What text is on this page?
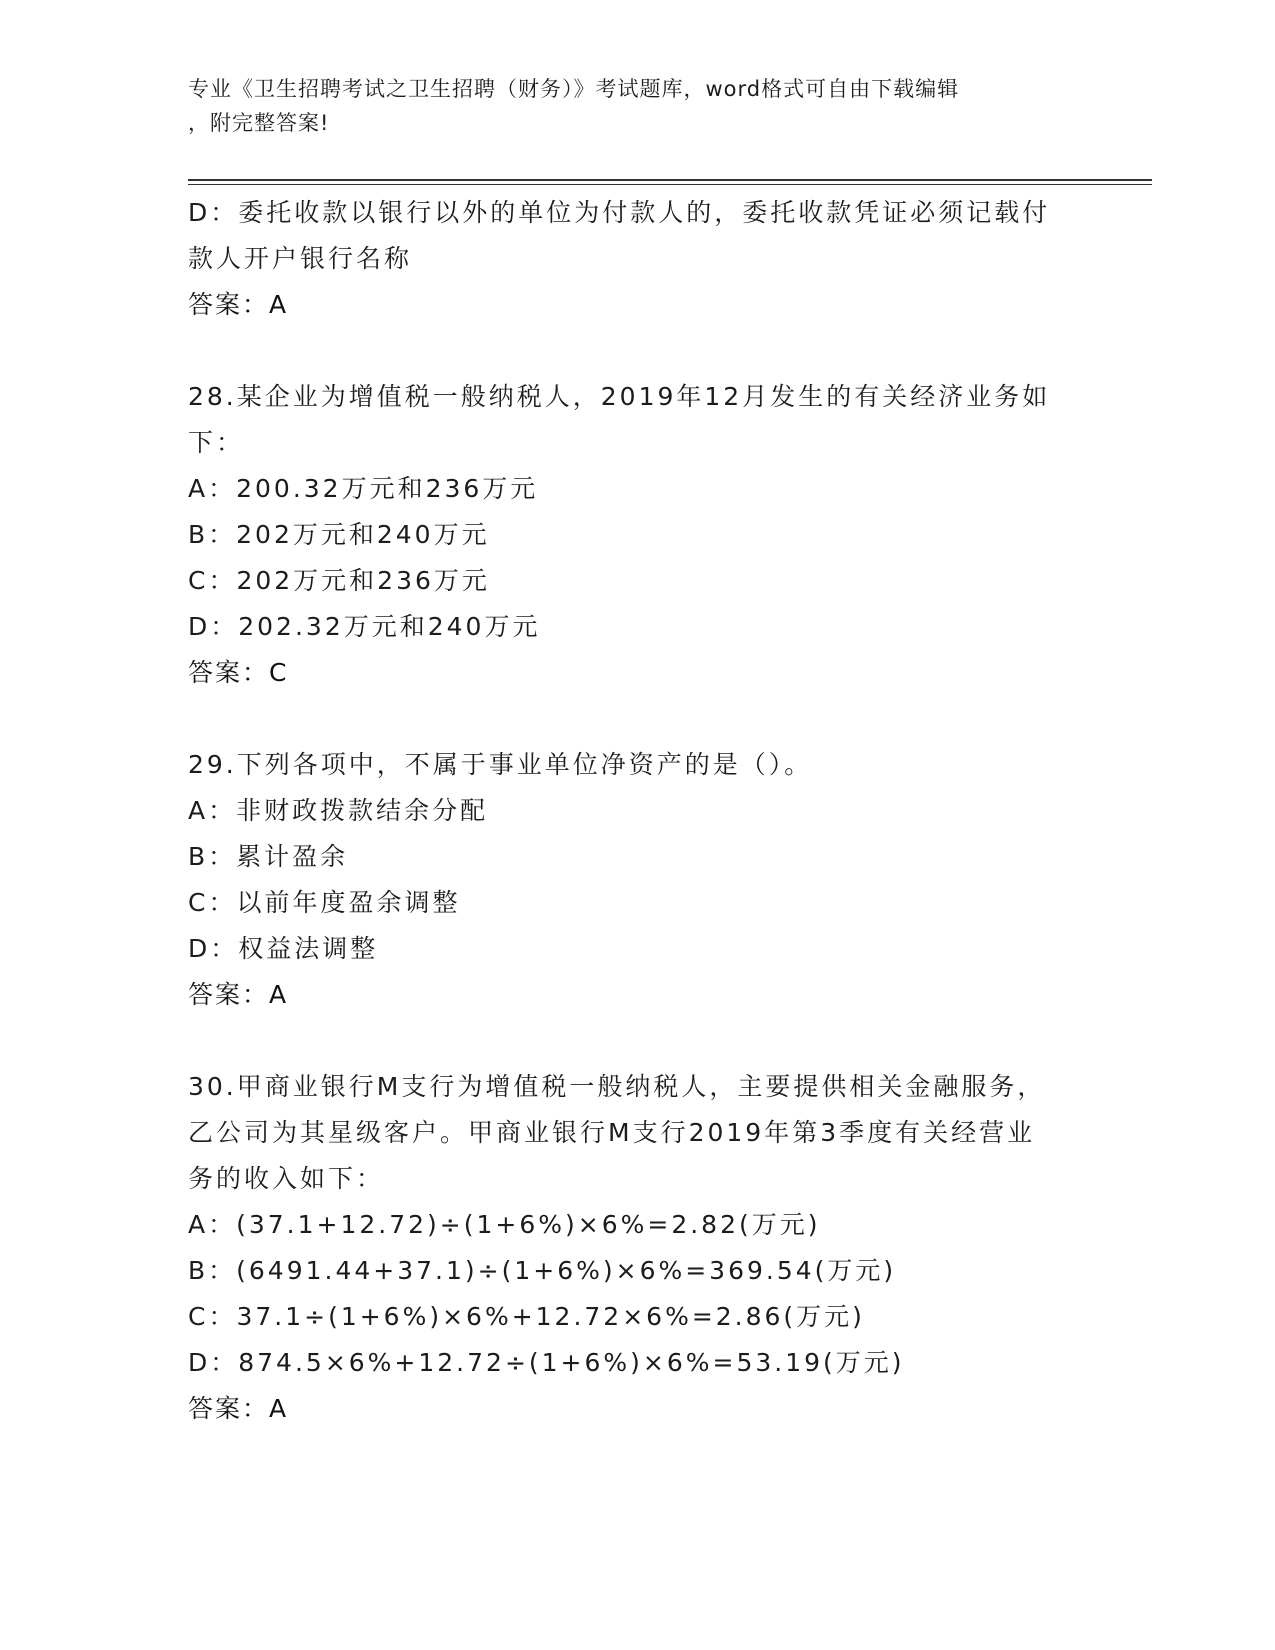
专业《卫生招聘考试之卫生招聘（财务）》考试题库，word格式可自由下载编辑
，附完整答案!
D：委托收款以银行以外的单位为付款人的，委托收款凭证必须记载付
款人开户银行名称
答案：A
28.某企业为增值税一般纳税人，2019年12月发生的有关经济业务如
下：
A：200.32万元和236万元
B：202万元和240万元
C：202万元和236万元
D：202.32万元和240万元
答案：C
29.下列各项中，不属于事业单位净资产的是（）。
A：非财政拨款结余分配
B：累计盈余
C：以前年度盈余调整
D：权益法调整
答案：A
30.甲商业银行M支行为增值税一般纳税人，主要提供相关金融服务，
乙公司为其星级客户。甲商业银行M支行2019年第3季度有关经营业
务的收入如下：
A：(37.1+12.72)÷(1+6%)×6%=2.82(万元)
B：(6491.44+37.1)÷(1+6%)×6%=369.54(万元)
C：37.1÷(1+6%)×6%+12.72×6%=2.86(万元)
D：874.5×6%+12.72÷(1+6%)×6%=53.19(万元)
答案：A
